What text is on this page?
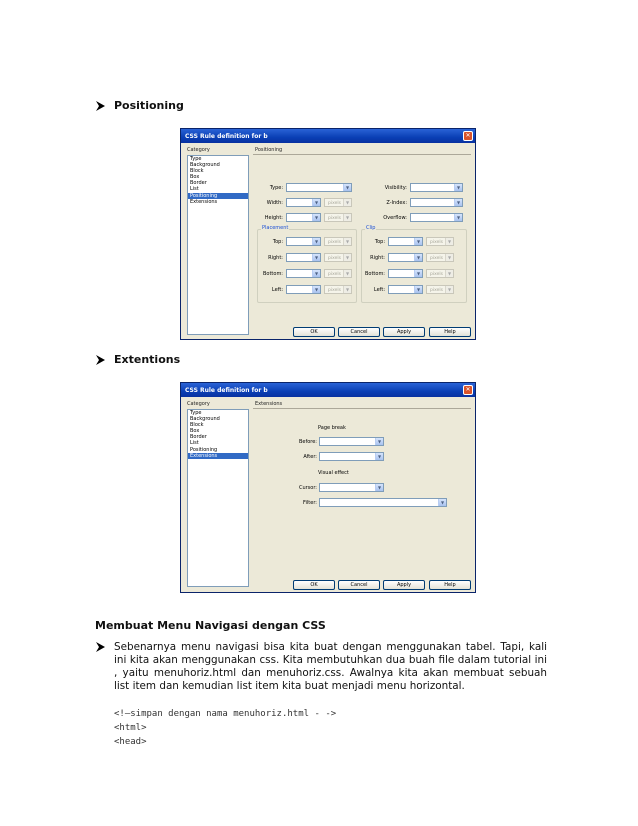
Positioning
CSS Rule definition for b	✕
Category
Type
Background
Block
Box
Border
List
Positioning
Extensions
Positioning
Type:	▼
Width:	▼	pixels	▼
Height:	▼	pixels	▼
Visibility:	▼
Z-Index:	▼
Overflow:	▼
Placement	Clip
Top:	▼	pixels	▼
Right:	▼	pixels	▼
Bottom:	▼	pixels	▼
Left:	▼	pixels	▼
Top:	▼	pixels	▼
Right:	▼	pixels	▼
Bottom:	▼	pixels	▼
Left:	▼	pixels	▼
OK	Cancel	Apply	Help
Extentions
CSS Rule definition for b	✕
Category
Type
Background
Block
Box
Border
List
Positioning
Extensions
Extensions
Page break
Before:	▼
After:	▼
Visual effect
Cursor:	▼
Filter:	▼
OK	Cancel	Apply	Help
Membuat Menu Navigasi dengan CSS
Sebenarnya menu navigasi bisa kita buat dengan menggunakan tabel. Tapi, kali ini kita akan menggunakan css. Kita membutuhkan dua buah file dalam tutorial ini , yaitu menuhoriz.html dan menuhoriz.css. Awalnya kita akan membuat sebuah list item dan kemudian list item kita buat menjadi menu horizontal.
<!—simpan dengan nama menuhoriz.html - ->
<html>
<head>
